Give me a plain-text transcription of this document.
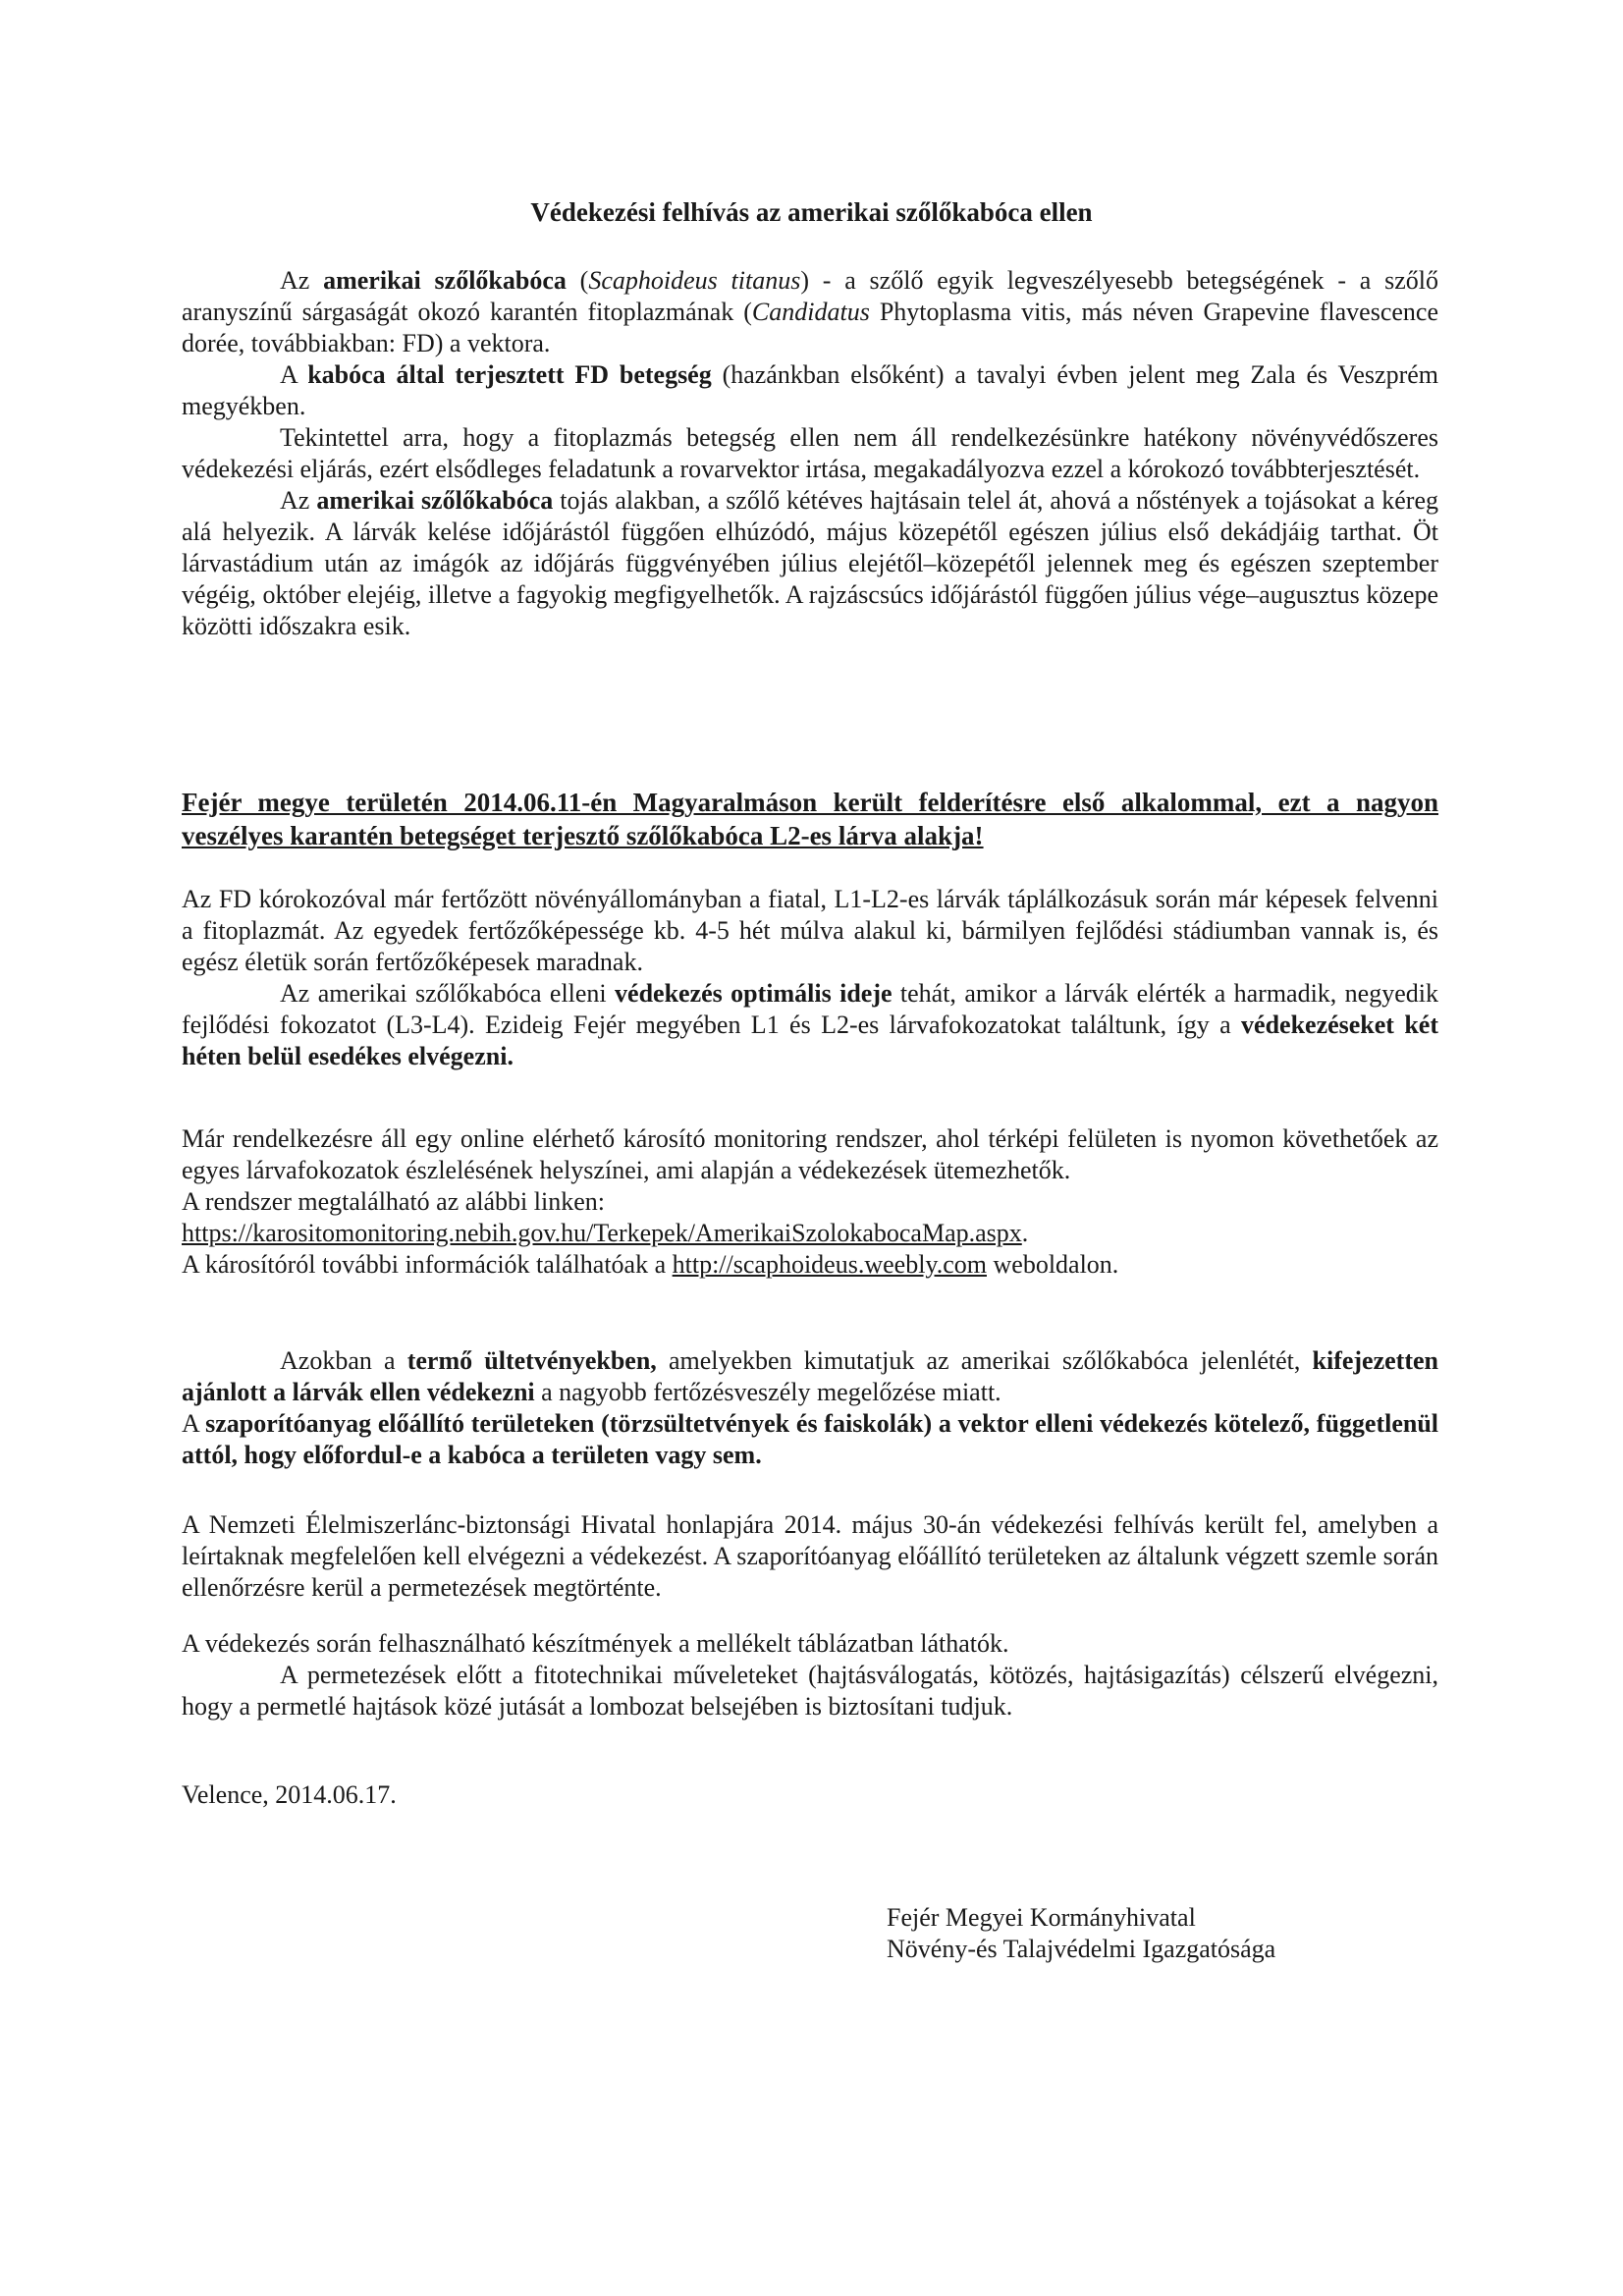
Védekezési felhívás az amerikai szőlőkabóca ellen

Az amerikai szőlőkabóca (Scaphoideus titanus) - a szőlő egyik legveszélyesebb betegségének - a szőlő aranyszínű sárgaságát okozó karantén fitoplazmának (Candidatus Phytoplasma vitis, más néven Grapevine flavescence dorée, továbbiakban: FD) a vektora.

A kabóca által terjesztett FD betegség (hazánkban elsőként) a tavalyi évben jelent meg Zala és Veszprém megyékben.

Tekintettel arra, hogy a fitoplazmás betegség ellen nem áll rendelkezésünkre hatékony növényvédőszeres védekezési eljárás, ezért elsődleges feladatunk a rovarvektor irtása, megakadályozva ezzel a kórokozó továbbterjesztését.

Az amerikai szőlőkabóca tojás alakban, a szőlő kétéves hajtásain telel át, ahová a nőstények a tojásokat a kéreg alá helyezik. A lárvák kelése időjárástól függően elhúzódó, május közepétől egészen július első dekádjáig tarthat. Öt lárvastádium után az imágók az időjárás függvényében július elejétől–közepétől jelennek meg és egészen szeptember végéig, október elejéig, illetve a fagyokig megfigyelhetők. A rajzáscsúcs időjárástól függően július vége–augusztus közepe közötti időszakra esik.

Fejér megye területén 2014.06.11-én Magyaralmáson került felderítésre első alkalommal, ezt a nagyon veszélyes karantén betegséget terjesztő szőlőkabóca L2-es lárva alakja!

Az FD kórokozóval már fertőzött növényállományban a fiatal, L1-L2-es lárvák táplálkozásuk során már képesek felvenni a fitoplazmát. Az egyedek fertőzőképessége kb. 4-5 hét múlva alakul ki, bármilyen fejlődési stádiumban vannak is, és egész életük során fertőzőképesek maradnak.

Az amerikai szőlőkabóca elleni védekezés optimális ideje tehát, amikor a lárvák elérték a harmadik, negyedik fejlődési fokozatot (L3-L4). Ezideig Fejér megyében L1 és L2-es lárvafokozatokat találtunk, így a védekezéseket két héten belül esedékes elvégezni.

Már rendelkezésre áll egy online elérhető károsító monitoring rendszer, ahol térképi felületen is nyomon követhetőek az egyes lárvafokozatok észlelésének helyszínei, ami alapján a védekezések ütemezhetők.

A rendszer megtalálható az alábbi linken:

https://karositomonitoring.nebih.gov.hu/Terkepek/AmerikaiSzolokabocaMap.aspx.

A károsítóról további információk találhatóak a http://scaphoideus.weebly.com weboldalon.

Azokban a termő ültetvényekben, amelyekben kimutatjuk az amerikai szőlőkabóca jelenlétét, kifejezetten ajánlott a lárvák ellen védekezni a nagyobb fertőzésveszély megelőzése miatt.

A szaporítóanyag előállító területeken (törzsültetvények és faiskolák) a vektor elleni védekezés kötelező, függetlenül attól, hogy előfordul-e a kabóca a területen vagy sem.

A Nemzeti Élelmiszerlánc-biztonsági Hivatal honlapjára 2014. május 30-án védekezési felhívás került fel, amelyben a leírtaknak megfelelően kell elvégezni a védekezést. A szaporítóanyag előállító területeken az általunk végzett szemle során ellenőrzésre kerül a permetezések megtörténte.

A védekezés során felhasználható készítmények a mellékelt táblázatban láthatók.

A permetezések előtt a fitotechnikai műveleteket (hajtásválogatás, kötözés, hajtásigazítás) célszerű elvégezni, hogy a permetlé hajtások közé jutását a lombozat belsejében is biztosítani tudjuk.

Velence, 2014.06.17.

Fejér Megyei Kormányhivatal
Növény-és Talajvédelmi Igazgatósága
